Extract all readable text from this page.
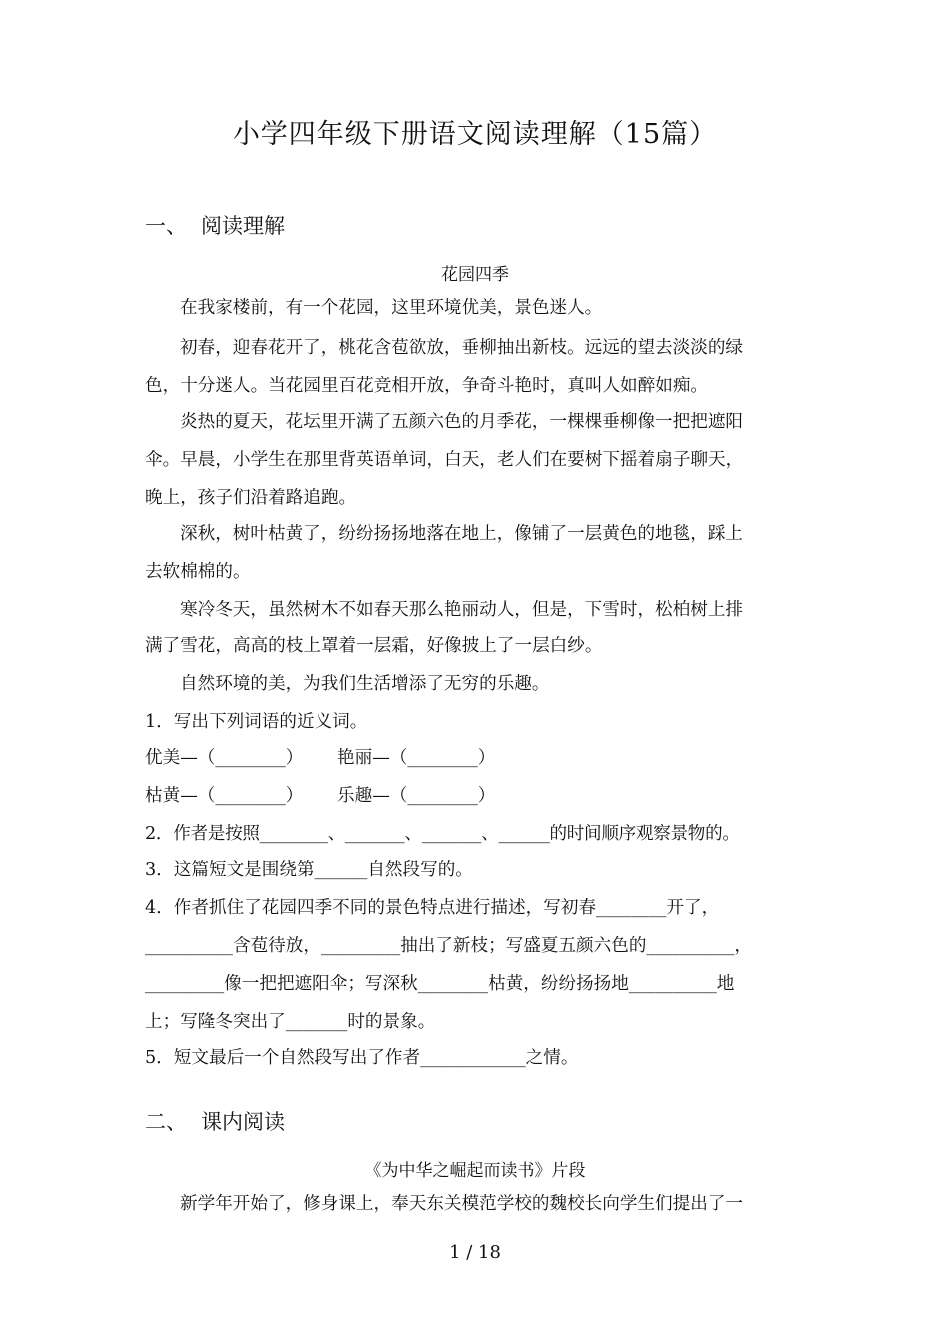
小学四年级下册语文阅读理解（15篇）
一、 阅读理解
花园四季
在我家楼前，有一个花园，这里环境优美，景色迷人。
初春，迎春花开了，桃花含苞欲放，垂柳抽出新枝。远远的望去淡淡的绿
色，十分迷人。当花园里百花竞相开放，争奇斗艳时，真叫人如醉如痴。
炎热的夏天，花坛里开满了五颜六色的月季花，一棵棵垂柳像一把把遮阳
伞。早晨，小学生在那里背英语单词，白天，老人们在要树下摇着扇子聊天，
晚上，孩子们沿着路追跑。
深秋，树叶枯黄了，纷纷扬扬地落在地上，像铺了一层黄色的地毯，踩上
去软棉棉的。
寒冷冬天，虽然树木不如春天那么艳丽动人，但是，下雪时，松柏树上排
满了雪花，高高的枝上罩着一层霜，好像披上了一层白纱。
自然环境的美，为我们生活增添了无穷的乐趣。
1．写出下列词语的近义词。
优美—（________） 艳丽—（________）
枯黄—（________） 乐趣—（________）
2．作者是按照________、_______、_______、______的时间顺序观察景物的。
3．这篇短文是围绕第______自然段写的。
4．作者抓住了花园四季不同的景色特点进行描述，写初春________开了，
__________含苞待放，_________抽出了新枝；写盛夏五颜六色的__________，
_________像一把把遮阳伞；写深秋________枯黄，纷纷扬扬地__________地
上；写隆冬突出了_______时的景象。
5．短文最后一个自然段写出了作者____________之情。
二、 课内阅读
《为中华之崛起而读书》片段
新学年开始了，修身课上，奉天东关模范学校的魏校长向学生们提出了一
1 / 18
